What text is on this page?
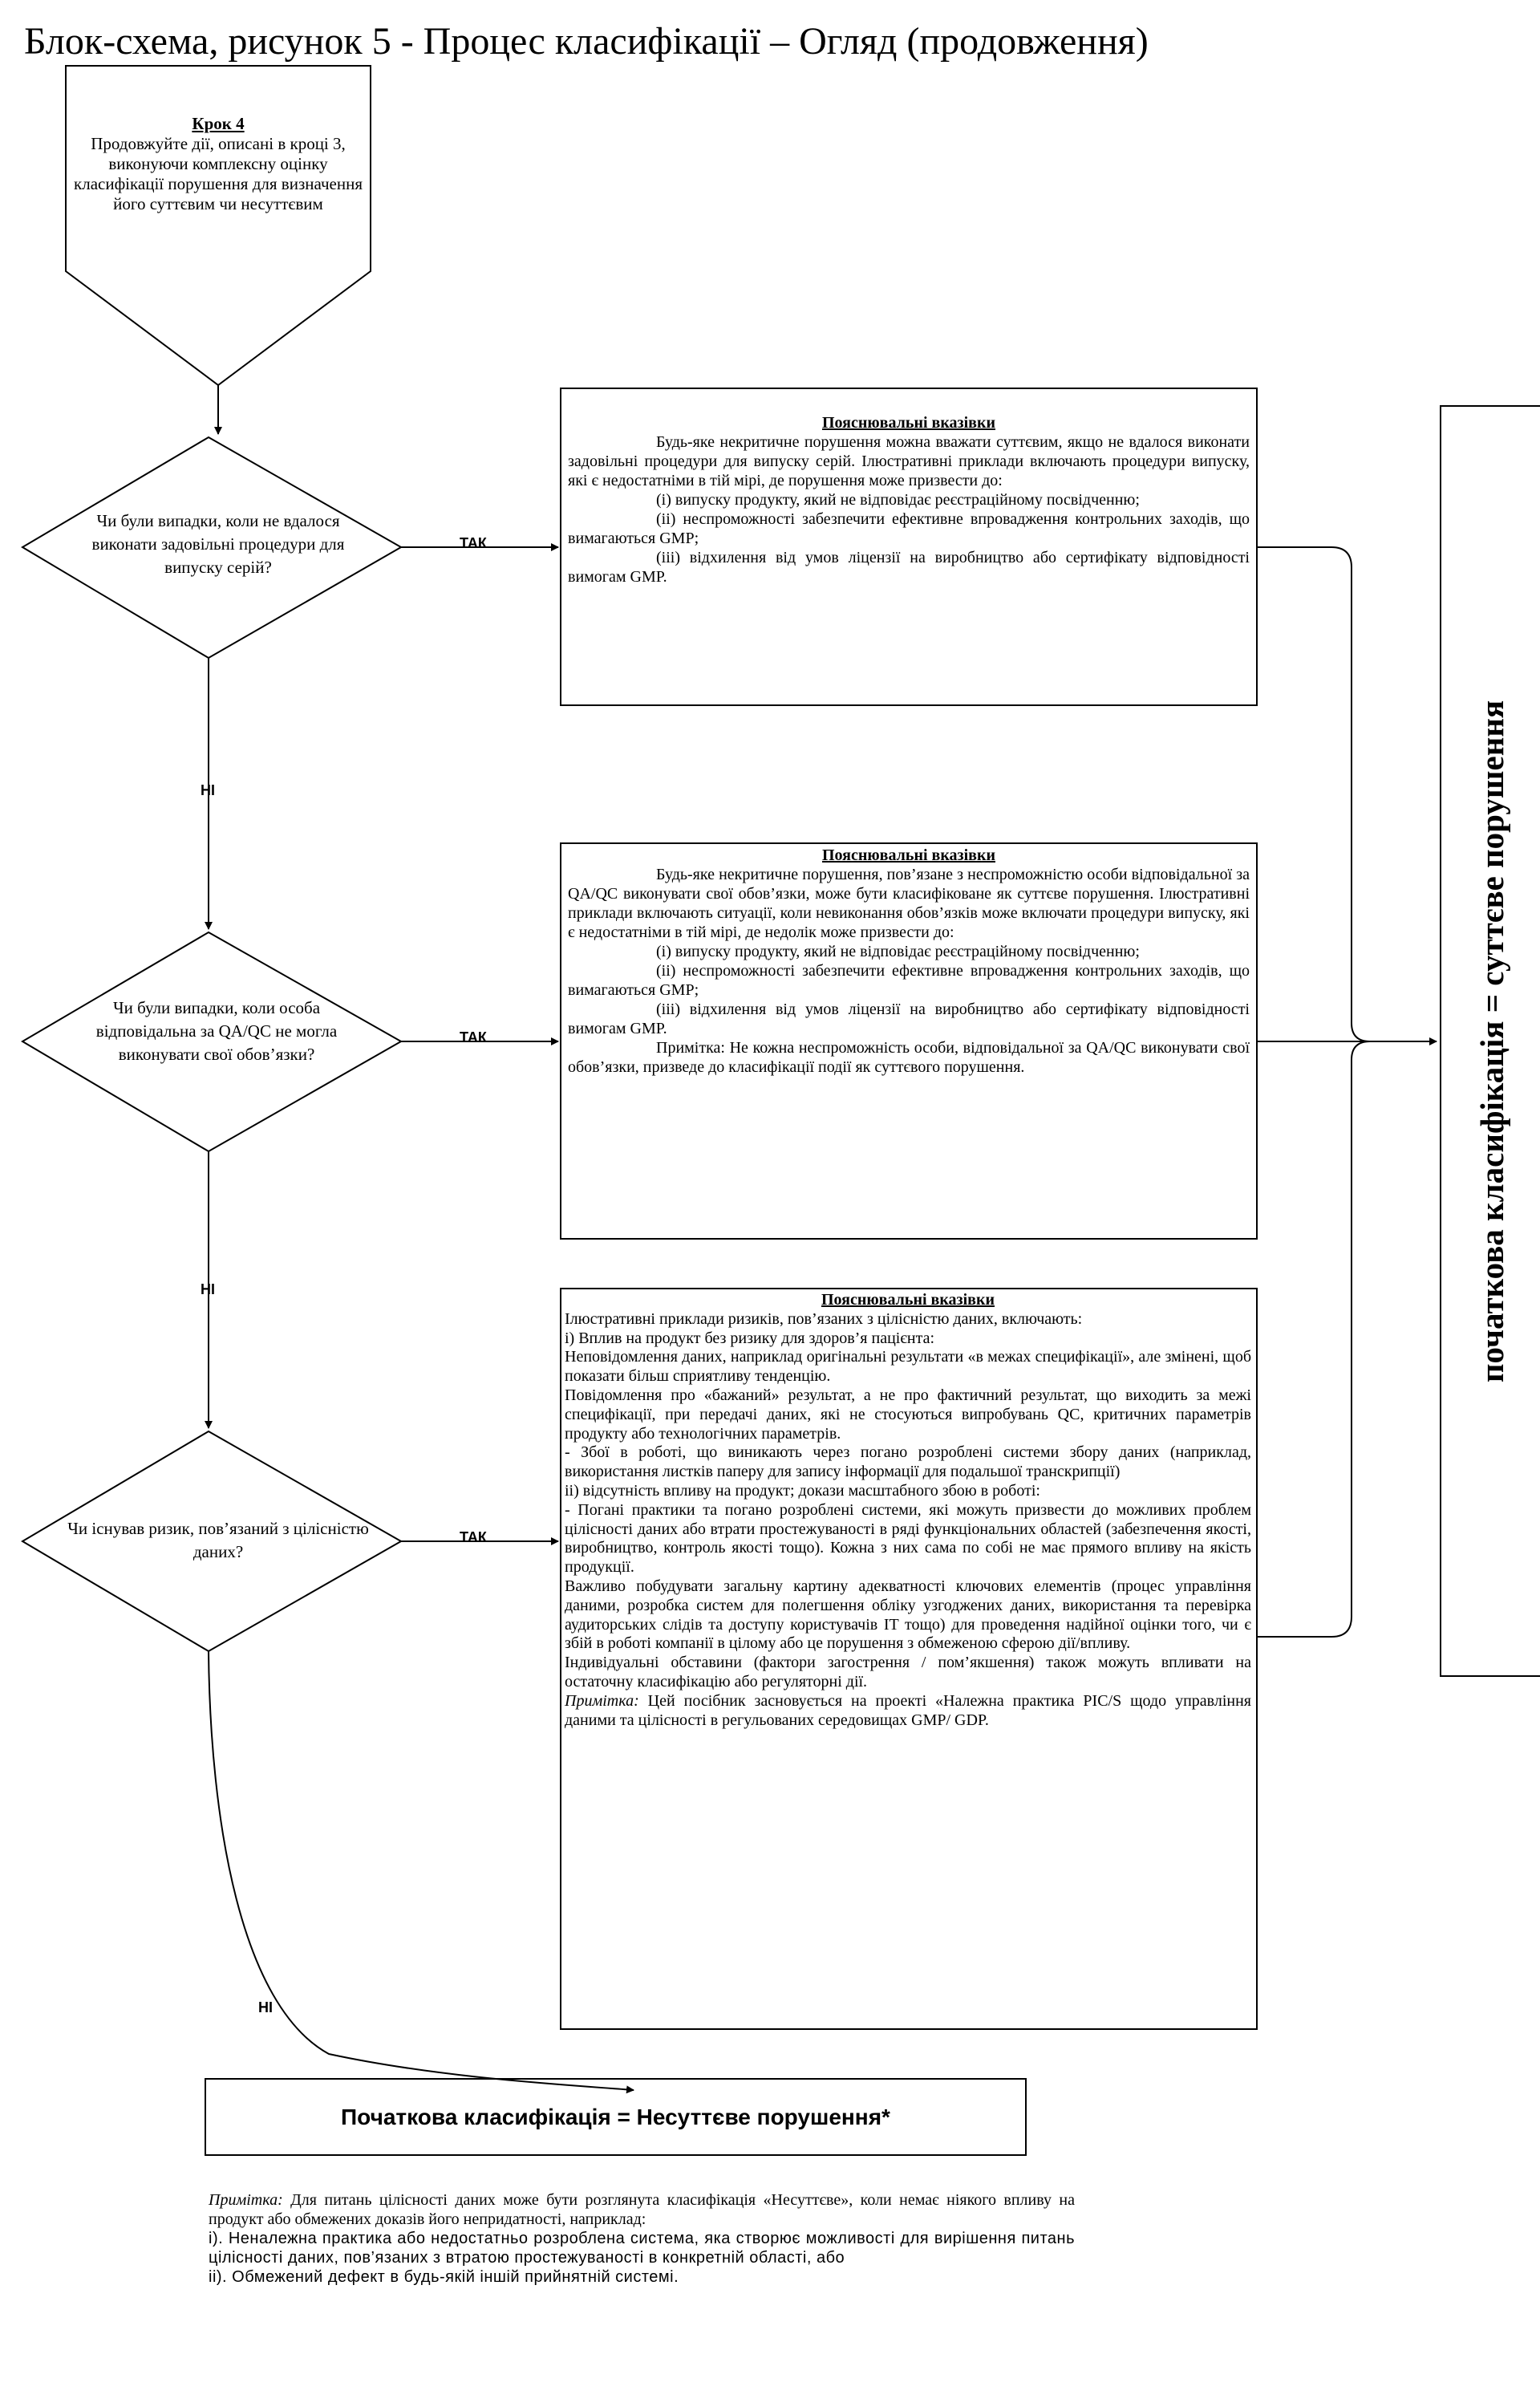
Блок-схема, рисунок 5 - Процес класифікації – Огляд (продовження)
Крок 4
Продовжуйте дії, описані в кроці 3, виконуючи комплексну оцінку класифікації порушення для визначення його суттєвим чи несуттєвим
Чи були випадки, коли не вдалося виконати задовільні процедури для випуску серій?
Чи були випадки, коли особа відповідальна за QA/QC не могла виконувати свої обов’язки?
Чи існував ризик, пов’язаний з цілісністю даних?
ТАК
ТАК
ТАК
НІ
НІ
НІ
Пояснювальні вказівки

Будь-яке некритичне порушення можна вважати суттєвим, якщо не вдалося виконати задовільні процедури для випуску серій. Ілюстративні приклади включають процедури випуску, які є недостатніми в тій мірі, де порушення може призвести до:

(i) випуску продукту, який не відповідає реєстраційному посвідченню;

(ii) неспроможності забезпечити ефективне впровадження контрольних заходів, що вимагаються GMP;

(iii) відхилення від умов ліцензії на виробництво або сертифікату відповідності вимогам GMP.

Пояснювальні вказівки

Будь-яке некритичне порушення, пов’язане з неспроможністю особи відповідальної за QA/QC виконувати свої обов’язки, може бути класифіковане як суттєве порушення. Ілюстративні приклади включають ситуації, коли невиконання обов’язків може включати процедури випуску, які є недостатніми в тій мірі, де недолік може призвести до:

(i) випуску продукту, який не відповідає реєстраційному посвідченню;

(ii) неспроможності забезпечити ефективне впровадження контрольних заходів, що вимагаються GMP;

(iii) відхилення від умов ліцензії на виробництво або сертифікату відповідності вимогам GMP.

Примітка: Не кожна неспроможність особи, відповідальної за QA/QC виконувати свої обов’язки, призведе до класифікації події як суттєвого порушення.

Пояснювальні вказівки

Ілюстративні приклади ризиків, пов’язаних з цілісністю даних, включають:

і) Вплив на продукт без ризику для здоров’я пацієнта:

Неповідомлення даних, наприклад оригінальні результати «в межах специфікації», але змінені, щоб показати більш сприятливу тенденцію.

Повідомлення про «бажаний» результат, а не про фактичний результат, що виходить за межі специфікації, при передачі даних, які не стосуються випробувань QC, критичних параметрів продукту або технологічних параметрів.

- Збої в роботі, що виникають через погано розроблені системи збору даних (наприклад, використання листків паперу для запису інформації для подальшої транскрипції)

іі) відсутність впливу на продукт; докази масштабного збою в роботі:

- Погані практики та погано розроблені системи, які можуть призвести до можливих проблем цілісності даних або втрати простежуваності в ряді функціональних областей (забезпечення якості, виробництво, контроль якості тощо). Кожна з них сама по собі не має прямого впливу на якість продукції.

Важливо побудувати загальну картину адекватності ключових елементів (процес управління даними, розробка систем для полегшення обліку узгоджених даних, використання та перевірка аудиторських слідів та доступу користувачів IT тощо) для проведення надійної оцінки того, чи є збій в роботі компанії в цілому або це порушення з обмеженою сферою дії/впливу.

Індивідуальні обставини (фактори загострення / пом’якшення) також можуть впливати на остаточну класифікацію або регуляторні дії.

Примітка: Цей посібник засновується на проекті «Належна практика PIC/S щодо управління даними та цілісності в регульованих середовищах GMP/ GDP.

початкова класифікація = суттєве порушення
Початкова класифікація = Несуттєве порушення*

Примітка: Для питань цілісності даних може бути розглянута класифікація «Несуттєве», коли немає ніякого впливу на продукт або обмежених доказів його непридатності, наприклад:

і). Неналежна практика або недостатньо розроблена система, яка створює можливості для вирішення питань цілісності даних, пов’язаних з втратою простежуваності в конкретній області, або

іі). Обмежений дефект в будь-якій іншій прийнятній системі.
